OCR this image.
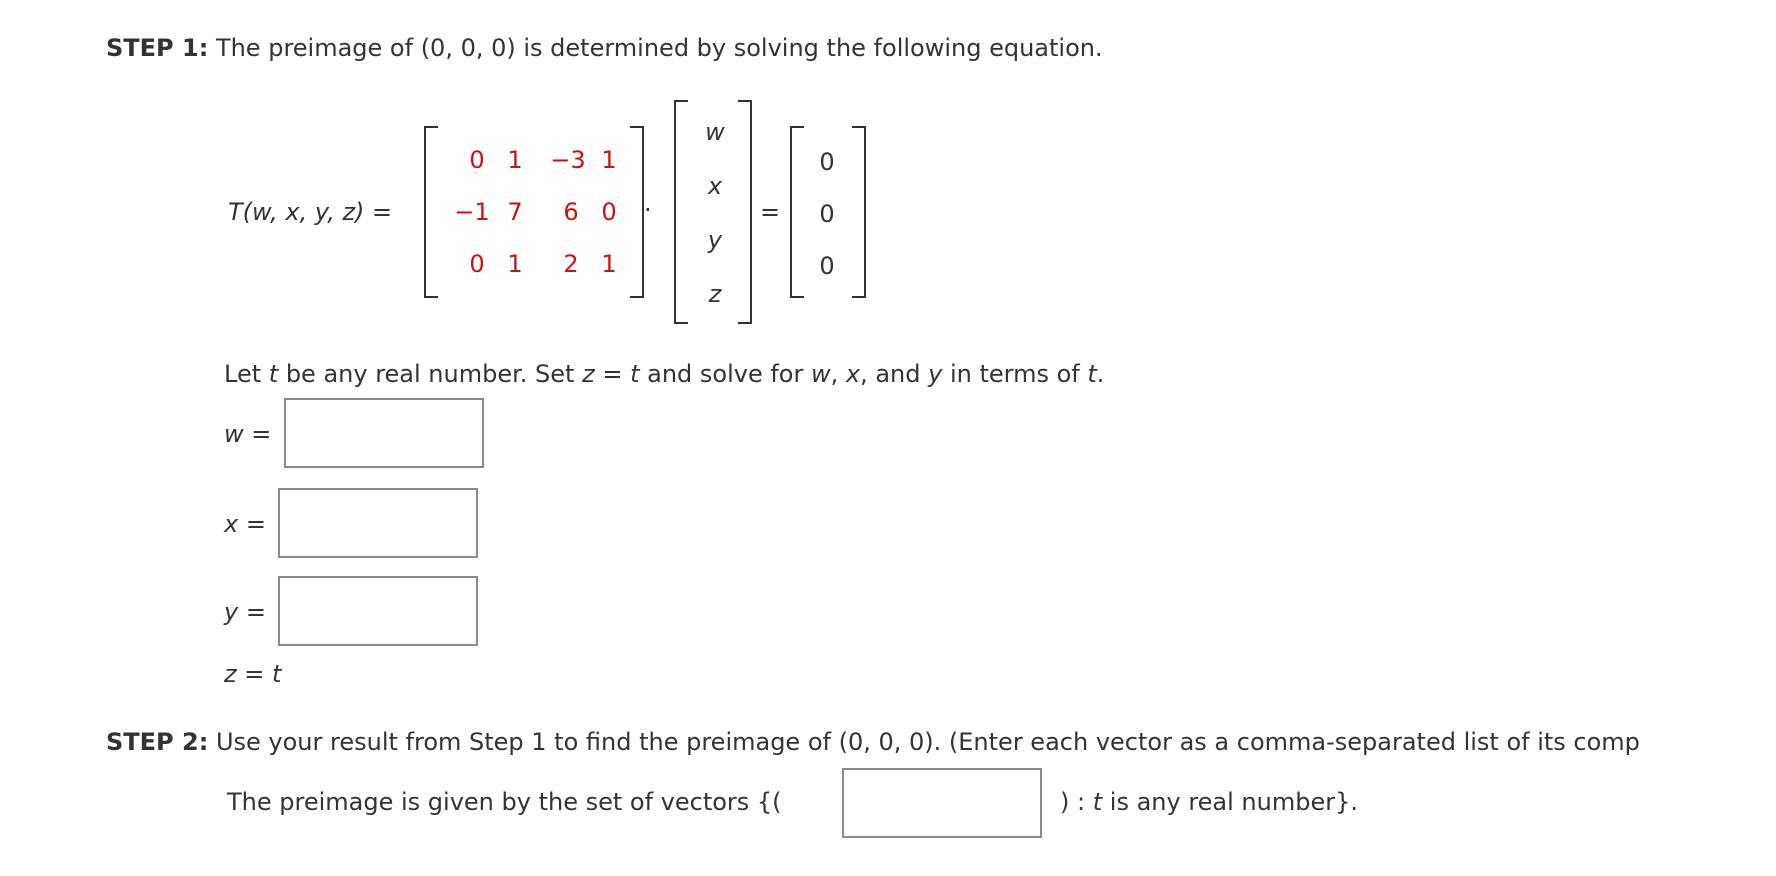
STEP 1: The preimage of (0, 0, 0) is determined by solving the following equation.
T(w, x, y, z) =
0 1	−3 1
−1 7	6 0
0 1	2 1
·
w
x
y
z
=
0
0
0
Let t be any real number. Set z = t and solve for w, x, and y in terms of t.
w =
x =
y =
z = t
STEP 2: Use your result from Step 1 to find the preimage of (0, 0, 0). (Enter each vector as a comma-separated list of its comp
The preimage is given by the set of vectors {(	) : t is any real number}.
